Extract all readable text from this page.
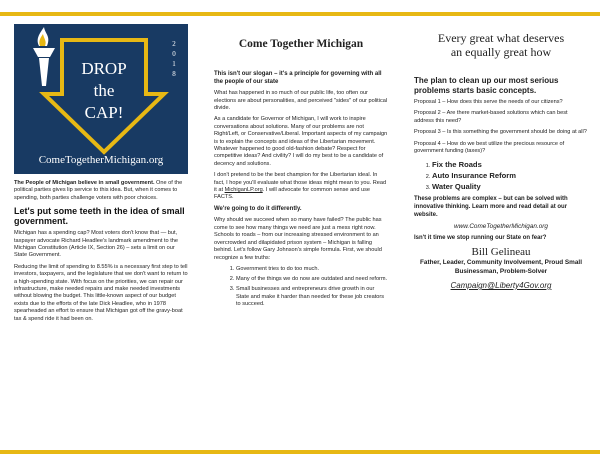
DROP
the
CAP!
2
0
1
8
ComeTogetherMichigan.org

The People of Michigan believe in small government. One of the political parties gives lip service to this idea. But, when it comes to spending, both parties challenge voters with poor choices.

Let's put some teeth in the idea of small government.

Michigan has a spending cap? Most voters don't know that — but, taxpayer advocate Richard Headlee's landmark amendment to the Michigan Constitution (Article IX, Section 26) – sets a limit on our State Government.

Reducing the limit of spending to 8.55% is a necessary first step to tell investors, taxpayers, and the legislature that we don't want to return to a high-spending state. With focus on the priorities, we can repair our infrastructure, make needed repairs and make needed investments without blowing the budget. This little-known aspect of our budget exists due to the efforts of the late Dick Headlee, who in 1978 spearheaded an effort to ensure that Michigan got off the gravy-boat tax & spend ride it had been on.

Come Together Michigan

This isn't our slogan – it's a principle for governing with all the people of our state

What has happened in so much of our public life, too often our elections are about personalities, and perceived "sides" of our political divide.

As a candidate for Governor of Michigan, I will work to inspire conversations about solutions. Many of our problems are not Right/Left, or Conservative/Liberal. Important aspects of my campaign is to explain the concepts and ideas of the Libertarian movement. Whatever happened to good old-fashion debate? Respect for competitive ideas? And civility? I will do my best to be a candidate of decency and solutions.

I don't pretend to be the best champion for the Libertarian ideal. In fact, I hope you'll evaluate what those ideas might mean to you. Read it at MichiganLP.org. I will advocate for common sense and use FACTS.

We're going to do it differently.

Why should we succeed when so many have failed? The public has come to see how many things we need are just a mess right now. Schools to roads – from our increasing stressed environment to an overcrowded and dilapidated prison system – Michigan is falling behind. Let's follow Gary Johnson's simple formula. First, we should recognize a few truths:

1. Government tries to do too much.
2. Many of the things we do now are outdated and need reform.
3. Small businesses and entrepreneurs drive growth in our State and make it harder than needed for these job creators to succeed.
Every great what deserves
an equally great how
The plan to clean up our most serious problems starts basic concepts.

Proposal 1 – How does this serve the needs of our citizens?

Proposal 2 – Are there market-based solutions which can best address this need?

Proposal 3 – Is this something the government should be doing at all?

Proposal 4 – How do we best utilize the precious resource of government funding (taxes)?

1. Fix the Roads
2. Auto Insurance Reform
3. Water Quality

These problems are complex – but can be solved with innovative thinking. Learn more and read detail at our website.

www.ComeTogetherMichigan.org

Isn't it time we stop running our State on fear?

Bill Gelineau
Father, Leader, Community Involvement, Proud Small Businessman, Problem-Solver
Campaign@Liberty4Gov.org
